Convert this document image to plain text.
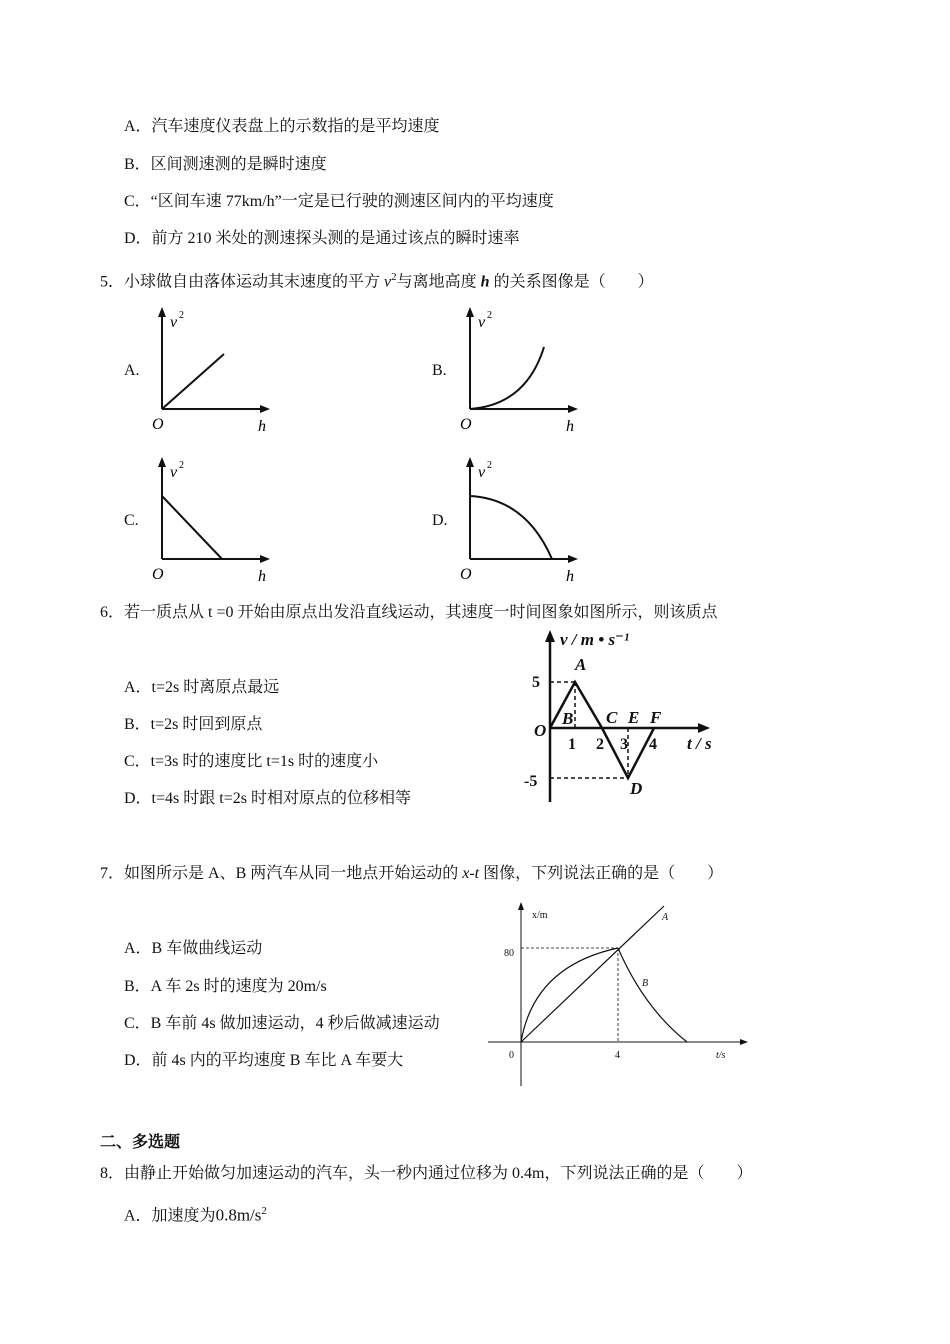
A．汽车速度仪表盘上的示数指的是平均速度
B．区间测速测的是瞬时速度
C．“区间车速 77km/h”一定是已行驶的测速区间内的平均速度
D．前方 210 米处的测速探头测的是通过该点的瞬时速率
5．小球做自由落体运动其末速度的平方 $v^2$与离地高度 h 的关系图像是（　　）
A.	B.
C.	D.
v 2
O	h
v 2
O	h
v 2
O	h
v 2
O	h
6．若一质点从 t =0 开始由原点出发沿直线运动，其速度一时间图象如图所示，则该质点
A．t=2s 时离原点最远
B．t=2s 时回到原点
C．t=3s 时的速度比 t=1s 时的速度小
D．t=4s 时跟 t=2s 时相对原点的位移相等
v / m • s⁻¹
5
-5
O
1 2 3 4 t / s
A
B C E F
D
7．如图所示是 A、B 两汽车从同一地点开始运动的 x-t 图像，下列说法正确的是（　　）
A．B 车做曲线运动
B．A 车 2s 时的速度为 20m/s
C．B 车前 4s 做加速运动，4 秒后做减速运动
D．前 4s 内的平均速度 B 车比 A 车要大
x/m
80
0	4	t/s
A
B
二、多选题
8．由静止开始做匀加速运动的汽车，头一秒内通过位移为 0.4m，下列说法正确的是（　　）
A．加速度为$0.8m/s^2$
